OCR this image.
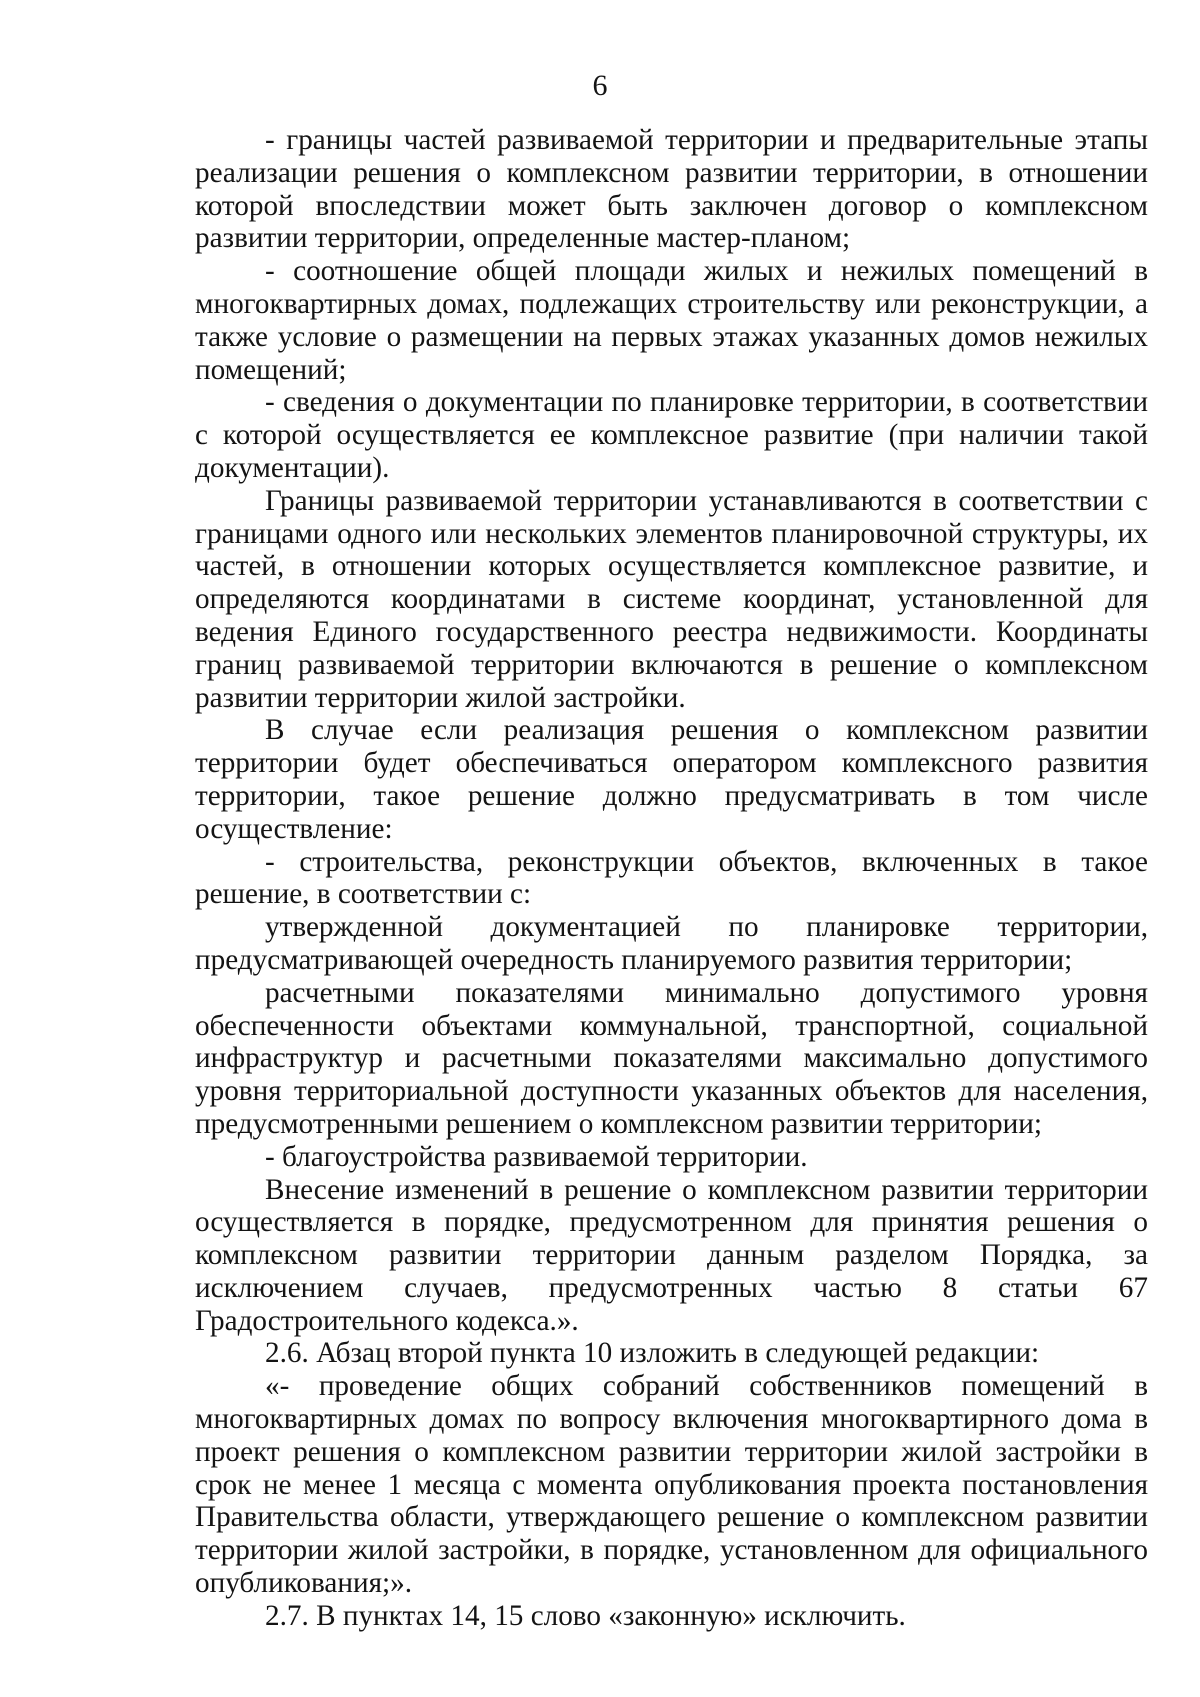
6

- границы частей развиваемой территории и предварительные этапы реализации решения о комплексном развитии территории, в отношении которой впоследствии может быть заключен договор о комплексном развитии территории, определенные мастер-планом;

- соотношение общей площади жилых и нежилых помещений в многоквартирных домах, подлежащих строительству или реконструкции, а также условие о размещении на первых этажах указанных домов нежилых помещений;

- сведения о документации по планировке территории, в соответствии с которой осуществляется ее комплексное развитие (при наличии такой документации).

Границы развиваемой территории устанавливаются в соответствии с границами одного или нескольких элементов планировочной структуры, их частей, в отношении которых осуществляется комплексное развитие, и определяются координатами в системе координат, установленной для ведения Единого государственного реестра недвижимости. Координаты границ развиваемой территории включаются в решение о комплексном развитии территории жилой застройки.

В случае если реализация решения о комплексном развитии территории будет обеспечиваться оператором комплексного развития территории, такое решение должно предусматривать в том числе осуществление:

- строительства, реконструкции объектов, включенных в такое решение, в соответствии с:

утвержденной документацией по планировке территории, предусматривающей очередность планируемого развития территории;

расчетными показателями минимально допустимого уровня обеспеченности объектами коммунальной, транспортной, социальной инфраструктур и расчетными показателями максимально допустимого уровня территориальной доступности указанных объектов для населения, предусмотренными решением о комплексном развитии территории;

- благоустройства развиваемой территории.

Внесение изменений в решение о комплексном развитии территории осуществляется в порядке, предусмотренном для принятия решения о комплексном развитии территории данным разделом Порядка, за исключением случаев, предусмотренных частью 8 статьи 67 Градостроительного кодекса.».

2.6. Абзац второй пункта 10 изложить в следующей редакции:

«- проведение общих собраний собственников помещений в многоквартирных домах по вопросу включения многоквартирного дома в проект решения о комплексном развитии территории жилой застройки в срок не менее 1 месяца с момента опубликования проекта постановления Правительства области, утверждающего решение о комплексном развитии территории жилой застройки, в порядке, установленном для официального опубликования;».

2.7. В пунктах 14, 15 слово «законную» исключить.
